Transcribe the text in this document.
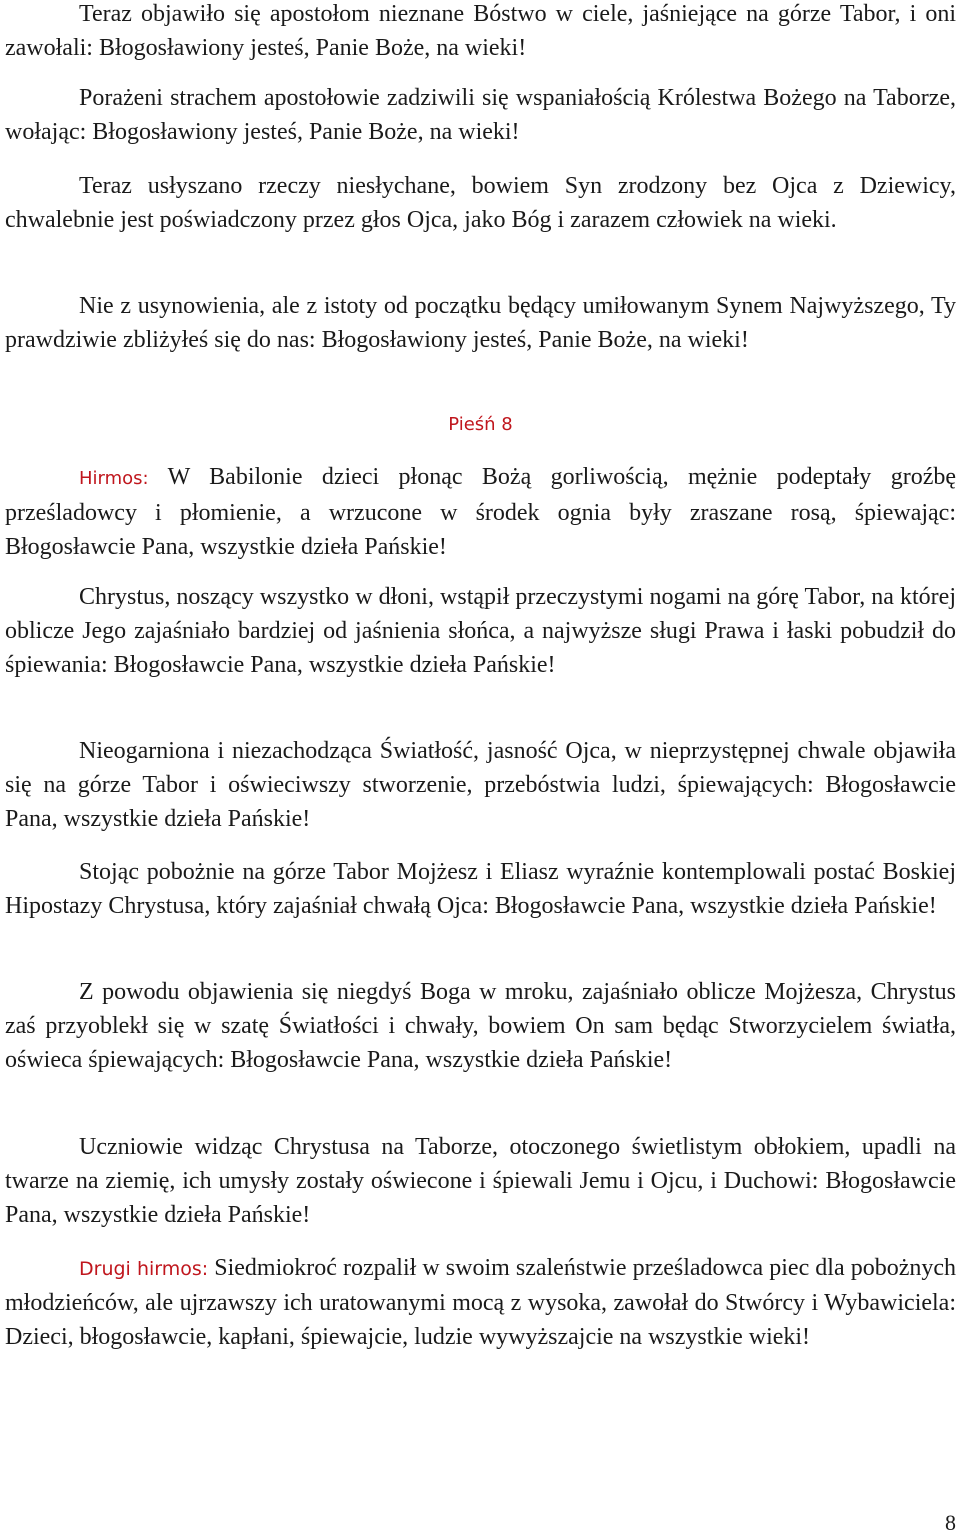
Teraz objawiło się apostołom nieznane Bóstwo w ciele, jaśniejące na górze Tabor, i oni zawołali: Błogosławiony jesteś, Panie Boże, na wieki!

Porażeni strachem apostołowie zadziwili się wspaniałością Królestwa Bożego na Taborze, wołając: Błogosławiony jesteś, Panie Boże, na wieki!

Teraz usłyszano rzeczy niesłychane, bowiem Syn zrodzony bez Ojca z Dziewicy, chwalebnie jest poświadczony przez głos Ojca, jako Bóg i zarazem człowiek na wieki.

Nie z usynowienia, ale z istoty od początku będący umiłowanym Synem Najwyższego, Ty prawdziwie zbliżyłeś się do nas: Błogosławiony jesteś, Panie Boże, na wieki!

Pieśń 8

Hirmos: W Babilonie dzieci płonąc Bożą gorliwością, mężnie podeptały groźbę prześladowcy i płomienie, a wrzucone w środek ognia były zraszane rosą, śpiewając: Błogosławcie Pana, wszystkie dzieła Pańskie!

Chrystus, noszący wszystko w dłoni, wstąpił przeczystymi nogami na górę Tabor, na której oblicze Jego zajaśniało bardziej od jaśnienia słońca, a najwyższe sługi Prawa i łaski pobudził do śpiewania: Błogosławcie Pana, wszystkie dzieła Pańskie!

Nieogarniona i niezachodząca Światłość, jasność Ojca, w nieprzystępnej chwale objawiła się na górze Tabor i oświeciwszy stworzenie, przebóstwia ludzi, śpiewających: Błogosławcie Pana, wszystkie dzieła Pańskie!

Stojąc pobożnie na górze Tabor Mojżesz i Eliasz wyraźnie kontemplowali postać Boskiej Hipostazy Chrystusa, który zajaśniał chwałą Ojca: Błogosławcie Pana, wszystkie dzieła Pańskie!

Z powodu objawienia się niegdyś Boga w mroku, zajaśniało oblicze Mojżesza, Chrystus zaś przyoblekł się w szatę Światłości i chwały, bowiem On sam będąc Stworzycielem światła, oświeca śpiewających: Błogosławcie Pana, wszystkie dzieła Pańskie!

Uczniowie widząc Chrystusa na Taborze, otoczonego świetlistym obłokiem, upadli na twarze na ziemię, ich umysły zostały oświecone i śpiewali Jemu i Ojcu, i Duchowi: Błogosławcie Pana, wszystkie dzieła Pańskie!

Drugi hirmos: Siedmiokroć rozpalił w swoim szaleństwie prześladowca piec dla pobożnych młodzieńców, ale ujrzawszy ich uratowanymi mocą z wysoka, zawołał do Stwórcy i Wybawiciela: Dzieci, błogosławcie, kapłani, śpiewajcie, ludzie wywyższajcie na wszystkie wieki!

8
